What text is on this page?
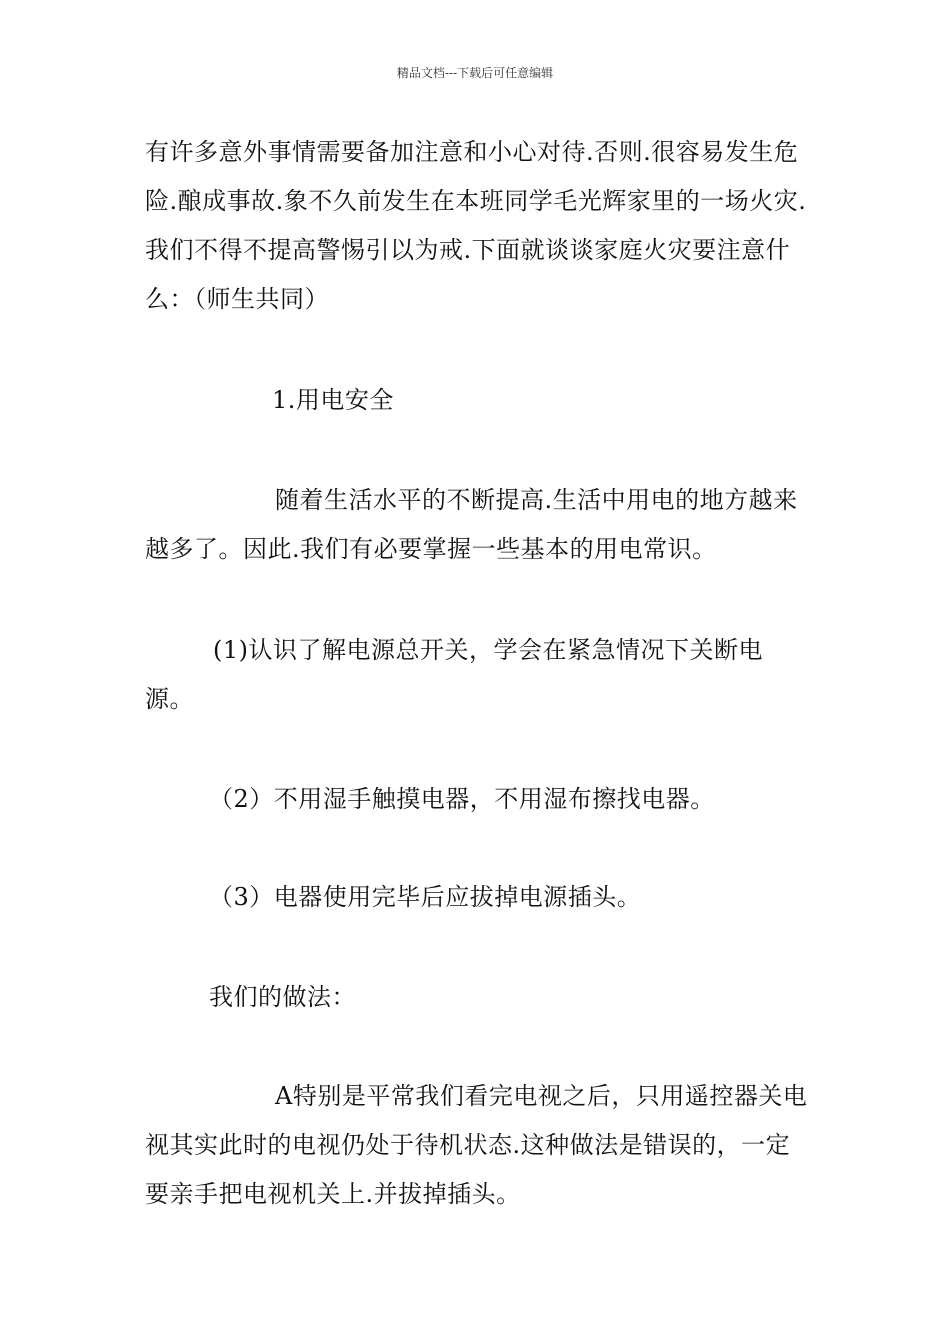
精品文档---下载后可任意编辑

有许多意外事情需要备加注意和小心对待.否则.很容易发生危险.酿成事故.象不久前发生在本班同学毛光辉家里的一场火灾.我们不得不提高警惕引以为戒.下面就谈谈家庭火灾要注意什么：（师生共同）

1.用电安全

随着生活水平的不断提高.生活中用电的地方越来越多了。因此.我们有必要掌握一些基本的用电常识。

(1)认识了解电源总开关，学会在紧急情况下关断电源。

（2）不用湿手触摸电器，不用湿布擦找电器。

（3）电器使用完毕后应拔掉电源插头。

我们的做法：

A特别是平常我们看完电视之后，只用遥控器关电视其实此时的电视仍处于待机状态.这种做法是错误的，一定要亲手把电视机关上.并拔掉插头。
